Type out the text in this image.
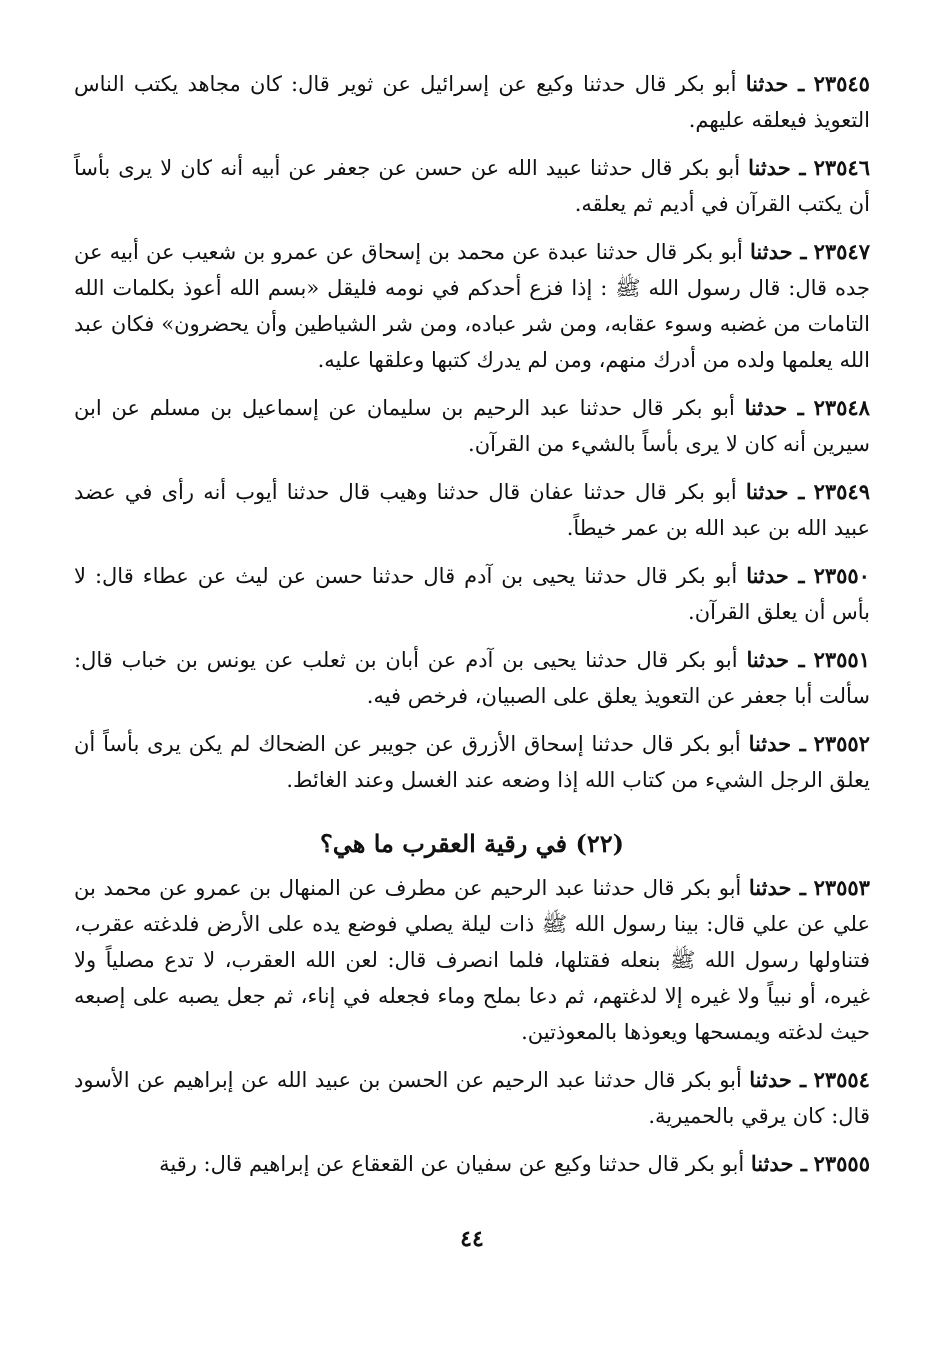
٢٣٥٤٥ ـ حدثنا أبو بكر قال حدثنا وكيع عن إسرائيل عن ثوير قال: كان مجاهد يكتب الناس التعويذ فيعلقه عليهم.

٢٣٥٤٦ ـ حدثنا أبو بكر قال حدثنا عبيد الله عن حسن عن جعفر عن أبيه أنه كان لا يرى بأساً أن يكتب القرآن في أديم ثم يعلقه.

٢٣٥٤٧ ـ حدثنا أبو بكر قال حدثنا عبدة عن محمد بن إسحاق عن عمرو بن شعيب عن أبيه عن جده قال: قال رسول الله ﷺ : إذا فزع أحدكم في نومه فليقل «بسم الله أعوذ بكلمات الله التامات من غضبه وسوء عقابه، ومن شر عباده، ومن شر الشياطين وأن يحضرون» فكان عبد الله يعلمها ولده من أدرك منهم، ومن لم يدرك كتبها وعلقها عليه.

٢٣٥٤٨ ـ حدثنا أبو بكر قال حدثنا عبد الرحيم بن سليمان عن إسماعيل بن مسلم عن ابن سيرين أنه كان لا يرى بأساً بالشيء من القرآن.

٢٣٥٤٩ ـ حدثنا أبو بكر قال حدثنا عفان قال حدثنا وهيب قال حدثنا أيوب أنه رأى في عضد عبيد الله بن عبد الله بن عمر خيطاً.

٢٣٥٥٠ ـ حدثنا أبو بكر قال حدثنا يحيى بن آدم قال حدثنا حسن عن ليث عن عطاء قال: لا بأس أن يعلق القرآن.

٢٣٥٥١ ـ حدثنا أبو بكر قال حدثنا يحيى بن آدم عن أبان بن ثعلب عن يونس بن خباب قال: سألت أبا جعفر عن التعويذ يعلق على الصبيان، فرخص فيه.

٢٣٥٥٢ ـ حدثنا أبو بكر قال حدثنا إسحاق الأزرق عن جويبر عن الضحاك لم يكن يرى بأساً أن يعلق الرجل الشيء من كتاب الله إذا وضعه عند الغسل وعند الغائط.

(٢٢) في رقية العقرب ما هي؟

٢٣٥٥٣ ـ حدثنا أبو بكر قال حدثنا عبد الرحيم عن مطرف عن المنهال بن عمرو عن محمد بن علي عن علي قال: بينا رسول الله ﷺ ذات ليلة يصلي فوضع يده على الأرض فلدغته عقرب، فتناولها رسول الله ﷺ بنعله فقتلها، فلما انصرف قال: لعن الله العقرب، لا تدع مصلياً ولا غيره، أو نبياً ولا غيره إلا لدغتهم، ثم دعا بملح وماء فجعله في إناء، ثم جعل يصبه على إصبعه حيث لدغته ويمسحها ويعوذها بالمعوذتين.

٢٣٥٥٤ ـ حدثنا أبو بكر قال حدثنا عبد الرحيم عن الحسن بن عبيد الله عن إبراهيم عن الأسود قال: كان يرقي بالحميرية.

٢٣٥٥٥ ـ حدثنا أبو بكر قال حدثنا وكيع عن سفيان عن القعقاع عن إبراهيم قال: رقية

٤٤
